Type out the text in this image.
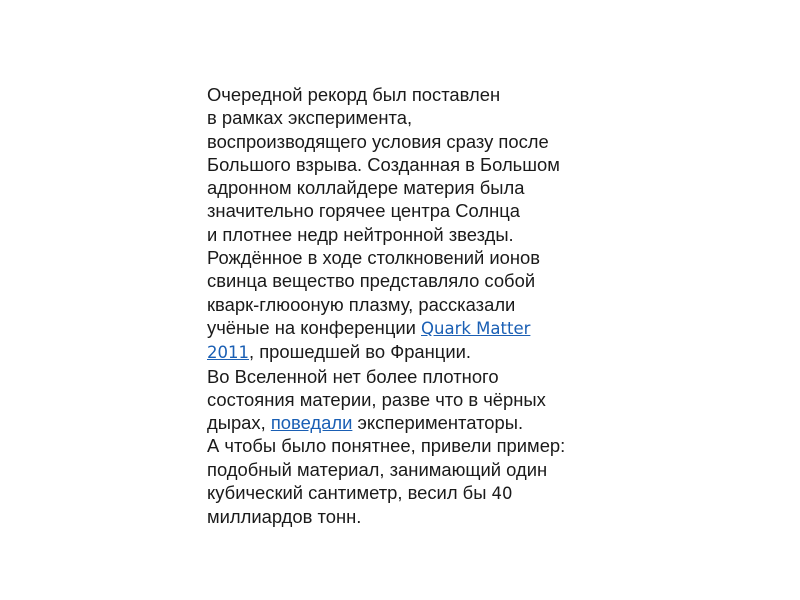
Очередной рекорд был поставлен
в рамках эксперимента,
воспроизводящего условия сразу после
Большого взрыва. Созданная в Большом
адронном коллайдере материя была
значительно горячее центра Солнца
и плотнее недр нейтронной звезды.
Рождённое в ходе столкновений ионов
свинца вещество представляло собой
кварк-глюооную плазму, рассказали
учёные на конференции Quark Matter
2011, прошедшей во Франции.
Во Вселенной нет более плотного
состояния материи, разве что в чёрных
дырах, поведали экспериментаторы.
А чтобы было понятнее, привели пример:
подобный материал, занимающий один
кубический сантиметр, весил бы 40
миллиардов тонн.
